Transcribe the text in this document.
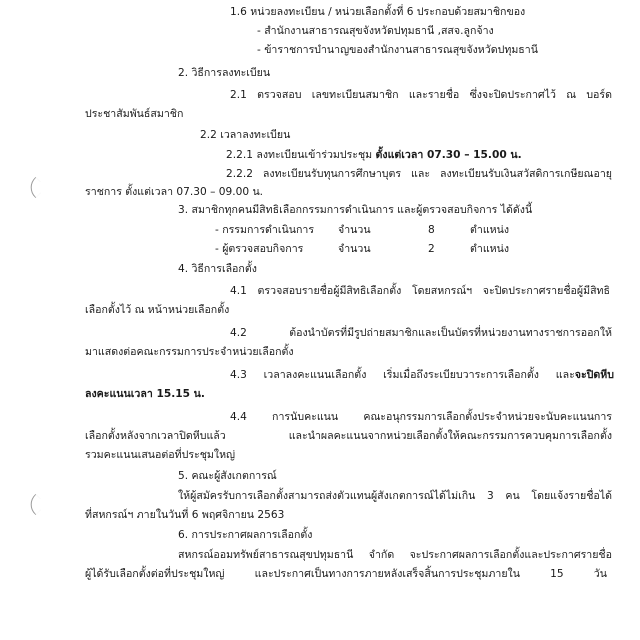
1.6 หน่วยลงทะเบียน / หน่วยเลือกตั้งที่ 6 ประกอบด้วยสมาชิกของ
- สำนักงานสาธารณสุขจังหวัดปทุมธานี ,สสจ.ลูกจ้าง
- ข้าราชการบำนาญของสำนักงานสาธารณสุขจังหวัดปทุมธานี
2. วิธีการลงทะเบียน
2.1 ตรวจสอบ เลขทะเบียนสมาชิก และรายชื่อ ซึ่งจะปิดประกาศไว้ ณ บอร์ด
ประชาสัมพันธ์สมาชิก
2.2 เวลาลงทะเบียน
2.2.1 ลงทะเบียนเข้าร่วมประชุม ตั้งแต่เวลา 07.30 – 15.00 น.
2.2.2 ลงทะเบียนรับทุนการศึกษาบุตร และ ลงทะเบียนรับเงินสวัสดิการเกษียณอายุ
ราชการ ตั้งแต่เวลา 07.30 – 09.00 น.
3. สมาชิกทุกคนมีสิทธิเลือกกรรมการดำเนินการ และผู้ตรวจสอบกิจการ ได้ดังนี้
- กรรมการดำเนินการ จำนวน	8	ตำแหน่ง
- ผู้ตรวจสอบกิจการ	จำนวน	2	ตำแหน่ง
4. วิธีการเลือกตั้ง
4.1 ตรวจสอบรายชื่อผู้มีสิทธิเลือกตั้ง โดยสหกรณ์ฯ จะปิดประกาศรายชื่อผู้มีสิทธิ
เลือกตั้งไว้ ณ หน้าหน่วยเลือกตั้ง
4.2 ต้องนำบัตรที่มีรูปถ่ายสมาชิกและเป็นบัตรที่หน่วยงานทางราชการออกให้
มาแสดงต่อคณะกรรมการประจำหน่วยเลือกตั้ง
4.3 เวลาลงคะแนนเลือกตั้ง เริ่มเมื่อถึงระเบียบวาระการเลือกตั้ง และจะปิดหีบ
ลงคะแนนเวลา 15.15 น.
4.4 การนับคะแนน คณะอนุกรรมการเลือกตั้งประจำหน่วยจะนับคะแนนการ
เลือกตั้งหลังจากเวลาปิดหีบแล้ว และนำผลคะแนนจากหน่วยเลือกตั้งให้คณะกรรมการควบคุมการเลือกตั้ง
รวมคะแนนเสนอต่อที่ประชุมใหญ่
5. คณะผู้สังเกตการณ์
ให้ผู้สมัครรับการเลือกตั้งสามารถส่งตัวแทนผู้สังเกตการณ์ได้ไม่เกิน 3 คน โดยแจ้งรายชื่อได้
ที่สหกรณ์ฯ ภายในวันที่ 6 พฤศจิกายน 2563
6. การประกาศผลการเลือกตั้ง
สหกรณ์ออมทรัพย์สาธารณสุขปทุมธานี จำกัด จะประกาศผลการเลือกตั้งและประกาศรายชื่อ
ผู้ได้รับเลือกตั้งต่อที่ประชุมใหญ่ และประกาศเป็นทางการภายหลังเสร็จสิ้นการประชุมภายใน 15 วัน
